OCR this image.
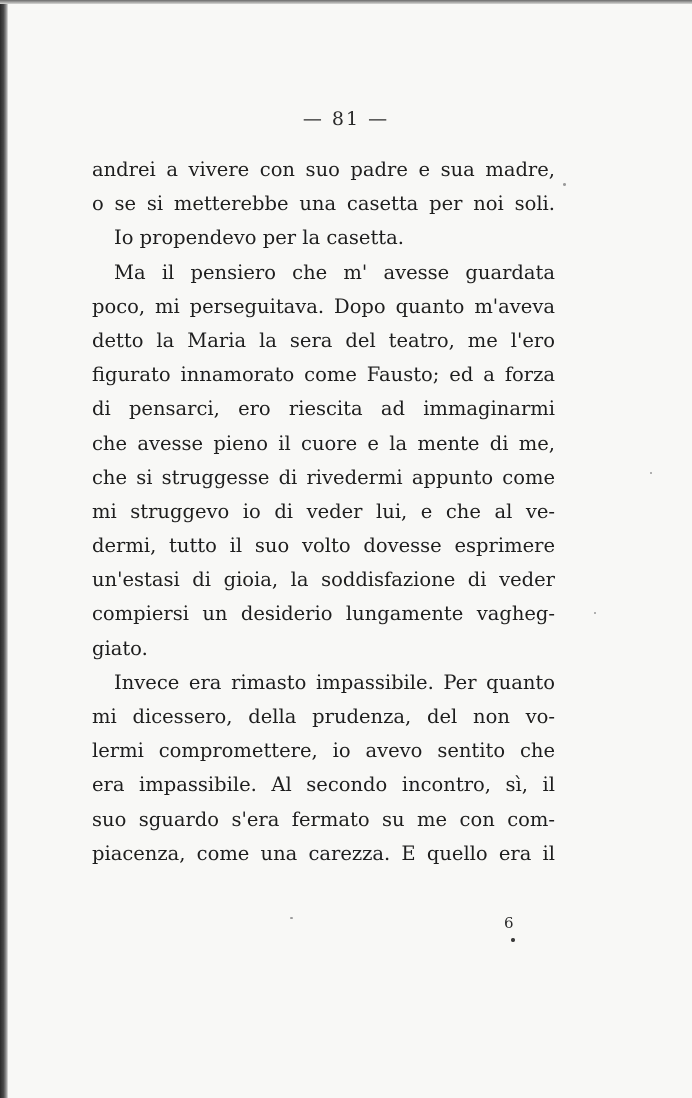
— 81 —
andrei a vivere con suo padre e sua madre,
o se si metterebbe una casetta per noi soli.
Io propendevo per la casetta.
Ma il pensiero che m' avesse guardata
poco, mi perseguitava. Dopo quanto m'aveva
detto la Maria la sera del teatro, me l'ero
figurato innamorato come Fausto; ed a forza
di pensarci, ero riescita ad immaginarmi
che avesse pieno il cuore e la mente di me,
che si struggesse di rivedermi appunto come
mi struggevo io di veder lui, e che al ve-
dermi, tutto il suo volto dovesse esprimere
un'estasi di gioia, la soddisfazione di veder
compiersi un desiderio lungamente vagheg-
giato.
Invece era rimasto impassibile. Per quanto
mi dicessero, della prudenza, del non vo-
lermi compromettere, io avevo sentito che
era impassibile. Al secondo incontro, sì, il
suo sguardo s'era fermato su me con com-
piacenza, come una carezza. E quello era il
6
